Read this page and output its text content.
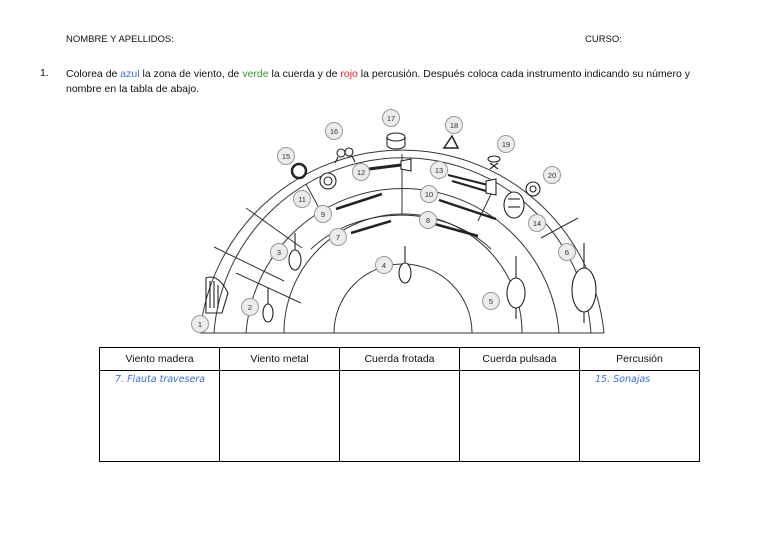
NOMBRE Y APELLIDOS:	CURSO:
1. Colorea de azul la zona de viento, de verde la cuerda y de rojo la percusión. Después coloca cada instrumento indicando su número y nombre en la tabla de abajo.
1
2
3
4
5
6
7
8
9
10
11
12	13
14
15
16
17
18
19
20
Viento madera	Viento metal	Cuerda frotada	Cuerda pulsada	Percusión
7. Flauta travesera				15. Sonajas
